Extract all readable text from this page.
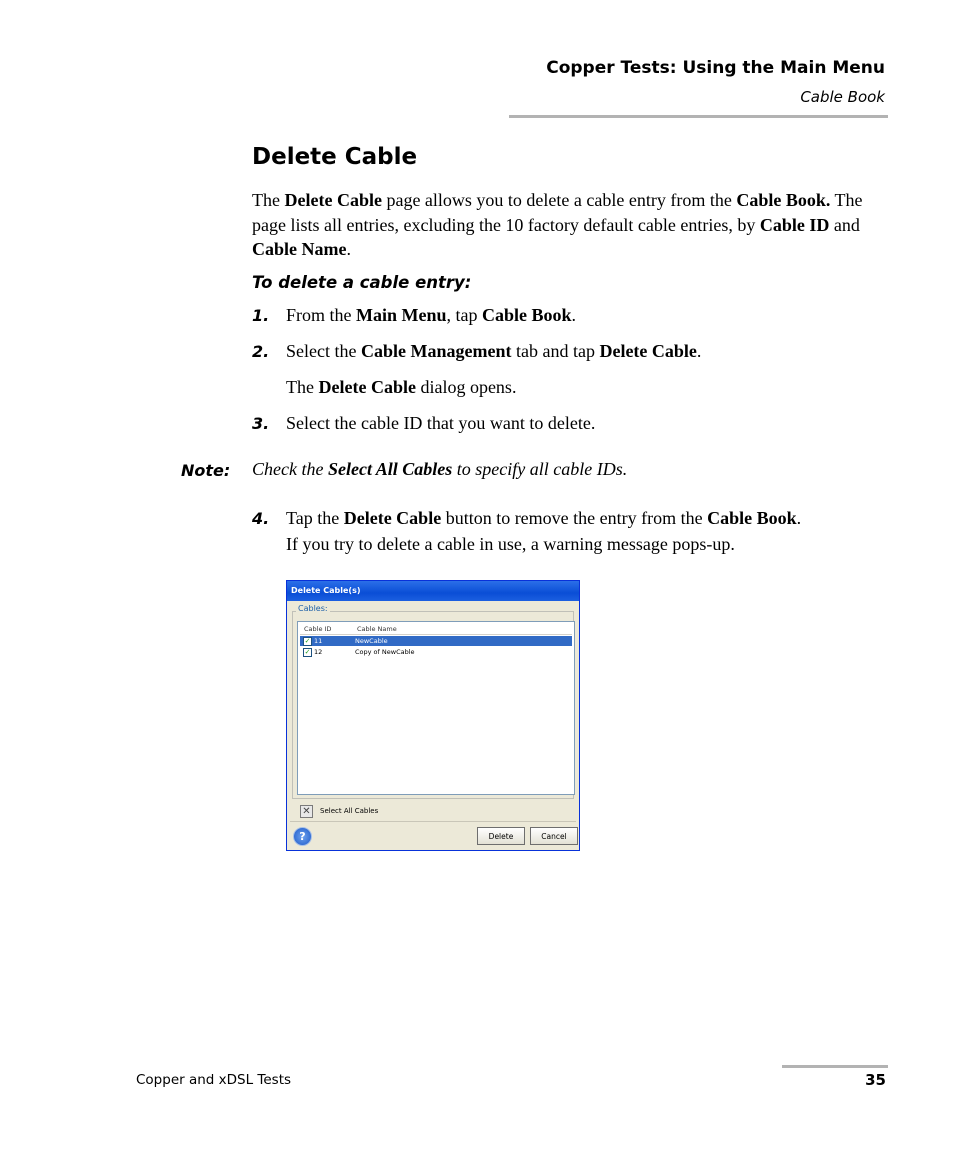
Copper Tests: Using the Main Menu
Cable Book
Delete Cable
The Delete Cable page allows you to delete a cable entry from the Cable Book. The page lists all entries, excluding the 10 factory default cable entries, by Cable ID and Cable Name.
To delete a cable entry:
1. From the Main Menu, tap Cable Book.
2. Select the Cable Management tab and tap Delete Cable.
The Delete Cable dialog opens.
3. Select the cable ID that you want to delete.
Note: Check the Select All Cables to specify all cable IDs.
4. Tap the Delete Cable button to remove the entry from the Cable Book.
If you try to delete a cable in use, a warning message pops-up.
Delete Cable(s)
Cables:
Cable ID	Cable Name
✓ 11	NewCable
✓ 12	Copy of NewCable
✕	Select All Cables
?	Delete	Cancel
Copper and xDSL Tests	35
